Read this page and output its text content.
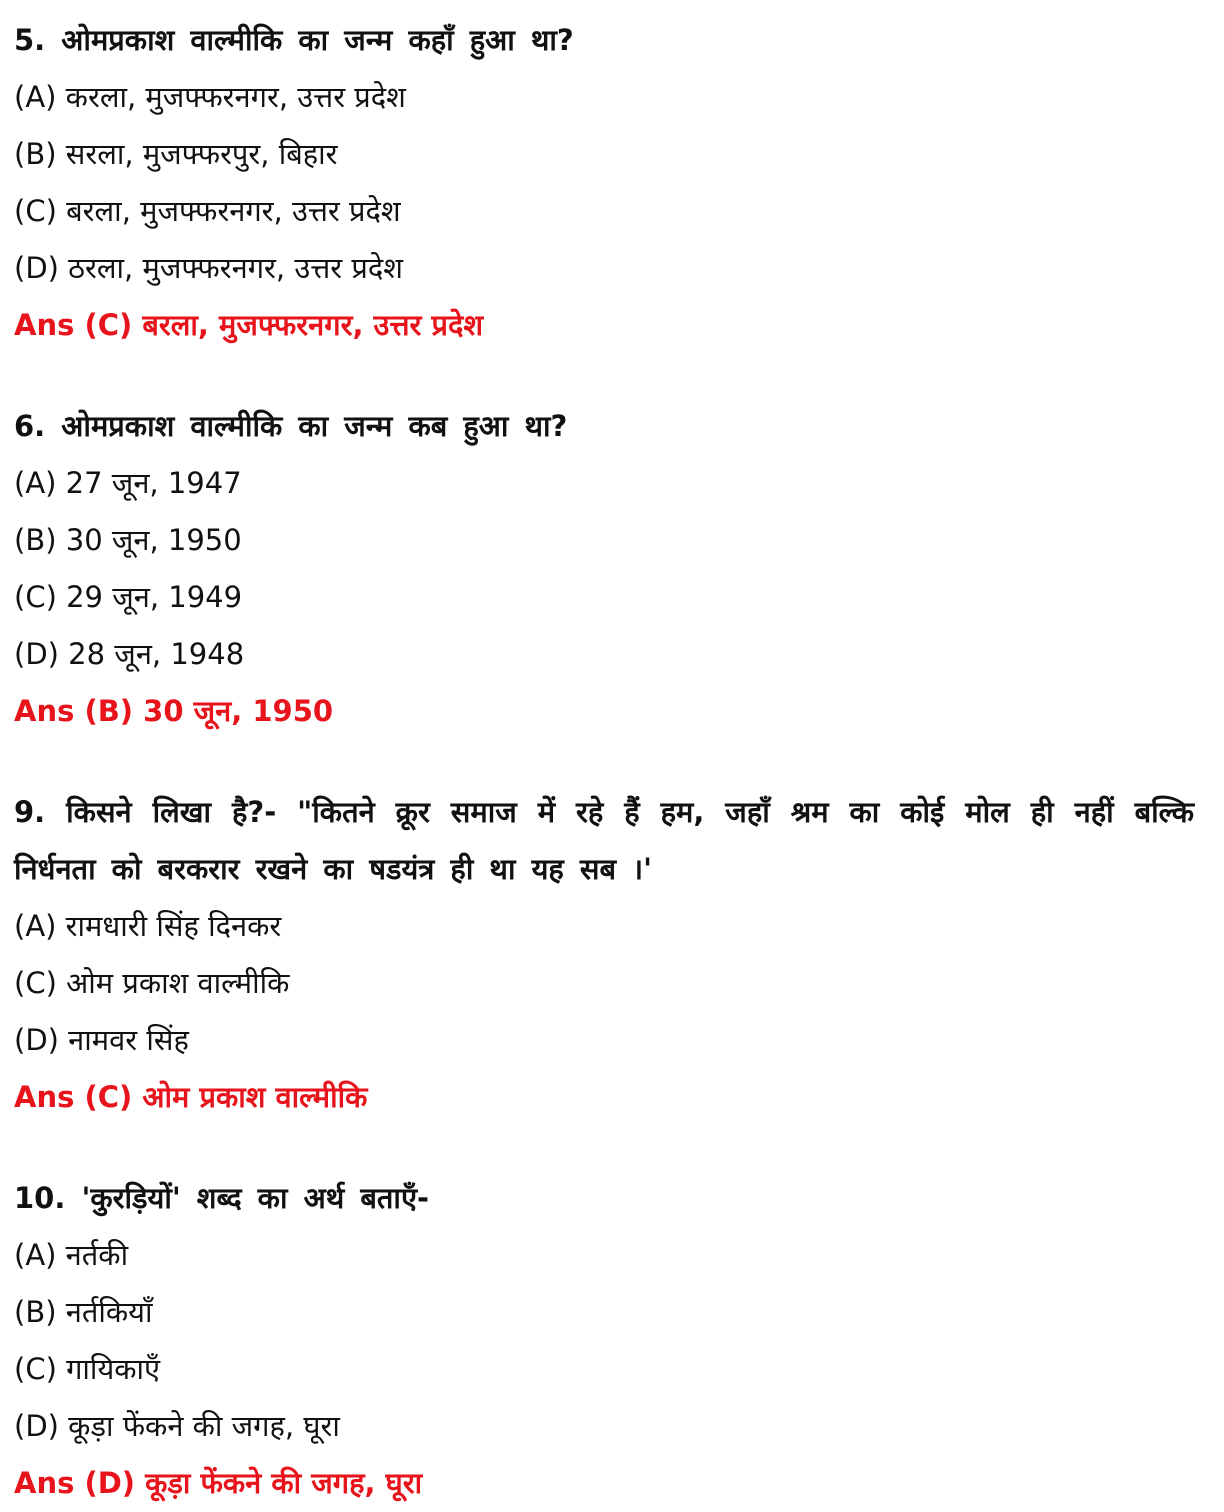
5. ओमप्रकाश वाल्मीकि का जन्म कहाँ हुआ था?

(A) करला, मुजफ्फरनगर, उत्तर प्रदेश

(B) सरला, मुजफ्फरपुर, बिहार

(C) बरला, मुजफ्फरनगर, उत्तर प्रदेश

(D) ठरला, मुजफ्फरनगर, उत्तर प्रदेश

Ans (C) बरला, मुजफ्फरनगर, उत्तर प्रदेश

6. ओमप्रकाश वाल्मीकि का जन्म कब हुआ था?

(A) 27 जून, 1947

(B) 30 जून, 1950

(C) 29 जून, 1949

(D) 28 जून, 1948

Ans (B) 30 जून, 1950

9. किसने लिखा है?- "कितने क्रूर समाज में रहे हैं हम, जहाँ श्रम का कोई मोल ही नहीं बल्कि निर्धनता को बरकरार रखने का षडयंत्र ही था यह सब ।'

(A) रामधारी सिंह दिनकर

(C) ओम प्रकाश वाल्मीकि

(D) नामवर सिंह

Ans (C) ओम प्रकाश वाल्मीकि

10. 'कुरड़ियों' शब्द का अर्थ बताएँ-

(A) नर्तकी

(B) नर्तकियाँ

(C) गायिकाएँ

(D) कूड़ा फेंकने की जगह, घूरा

Ans (D) कूड़ा फेंकने की जगह, घूरा
